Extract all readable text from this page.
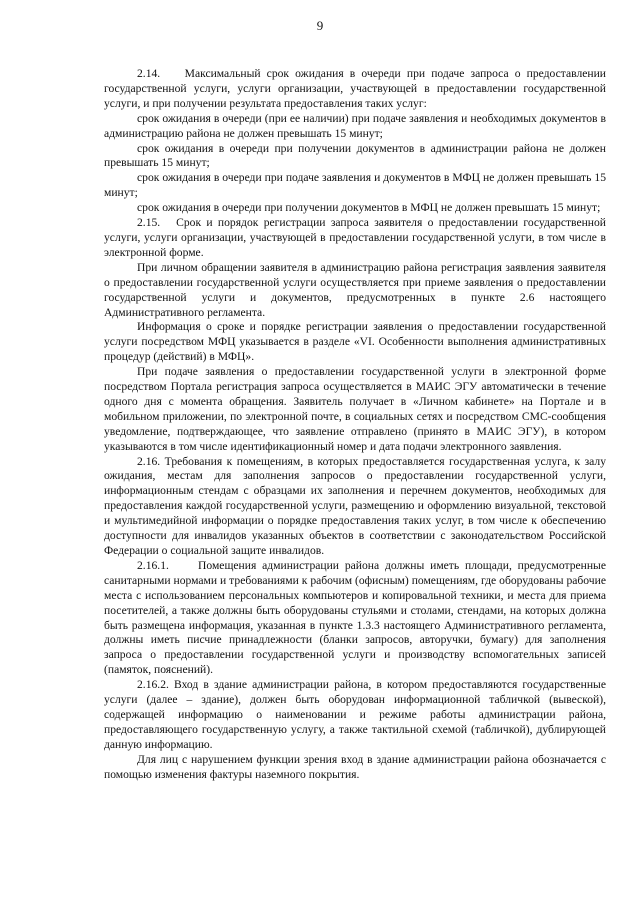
9

2.14.    Максимальный срок ожидания в очереди при подаче запроса о предоставлении государственной услуги, услуги организации, участвующей в предоставлении государственной услуги, и при получении результата предоставления таких услуг:

срок ожидания в очереди (при ее наличии) при подаче заявления и необходимых документов в администрацию района не должен превышать 15 минут;

срок ожидания в очереди при получении документов в администрации района не должен превышать 15 минут;

срок ожидания в очереди при подаче заявления и документов в МФЦ не должен превышать 15 минут;

срок ожидания в очереди при получении документов в МФЦ не должен превышать 15 минут;

2.15.   Срок и порядок регистрации запроса заявителя о предоставлении государственной услуги, услуги организации, участвующей в предоставлении государственной услуги, в том числе в электронной форме.

При личном обращении заявителя в администрацию района регистрация заявления заявителя о предоставлении государственной услуги осуществляется при приеме заявления о предоставлении государственной услуги и документов, предусмотренных в пункте 2.6 настоящего Административного регламента.

Информация о сроке и порядке регистрации заявления о предоставлении государственной услуги посредством МФЦ указывается в разделе «VI. Особенности выполнения административных процедур (действий) в МФЦ».

При подаче заявления о предоставлении государственной услуги в электронной форме посредством Портала регистрация запроса осуществляется в МАИС ЭГУ автоматически в течение одного дня с момента обращения. Заявитель получает в «Личном кабинете» на Портале и в мобильном приложении, по электронной почте, в социальных сетях и посредством СМС-сообщения уведомление, подтверждающее, что заявление отправлено (принято в МАИС ЭГУ), в котором указываются в том числе идентификационный номер и дата подачи электронного заявления.

2.16. Требования к помещениям, в которых предоставляется государственная услуга, к залу ожидания, местам для заполнения запросов о предоставлении государственной услуги, информационным стендам с образцами их заполнения и перечнем документов, необходимых для предоставления каждой государственной услуги, размещению и оформлению визуальной, текстовой и мультимедийной информации о порядке предоставления таких услуг, в том числе к обеспечению доступности для инвалидов указанных объектов в соответствии с законодательством Российской Федерации о социальной защите инвалидов.

2.16.1.     Помещения администрации района должны иметь площади, предусмотренные санитарными нормами и требованиями к рабочим (офисным) помещениям, где оборудованы рабочие места с использованием персональных компьютеров и копировальной техники, и места для приема посетителей, а также должны быть оборудованы стульями и столами, стендами, на которых должна быть размещена информация, указанная в пункте 1.3.3 настоящего Административного регламента, должны иметь писчие принадлежности (бланки запросов, авторучки, бумагу) для заполнения запроса о предоставлении государственной услуги и производству вспомогательных записей (памяток, пояснений).

2.16.2. Вход в здание администрации района, в котором предоставляются государственные услуги (далее – здание), должен быть оборудован информационной табличкой (вывеской), содержащей информацию о наименовании и режиме работы администрации района, предоставляющего государственную услугу, а также тактильной схемой (табличкой), дублирующей данную информацию.

Для лиц с нарушением функции зрения вход в здание администрации района обозначается с помощью изменения фактуры наземного покрытия.
